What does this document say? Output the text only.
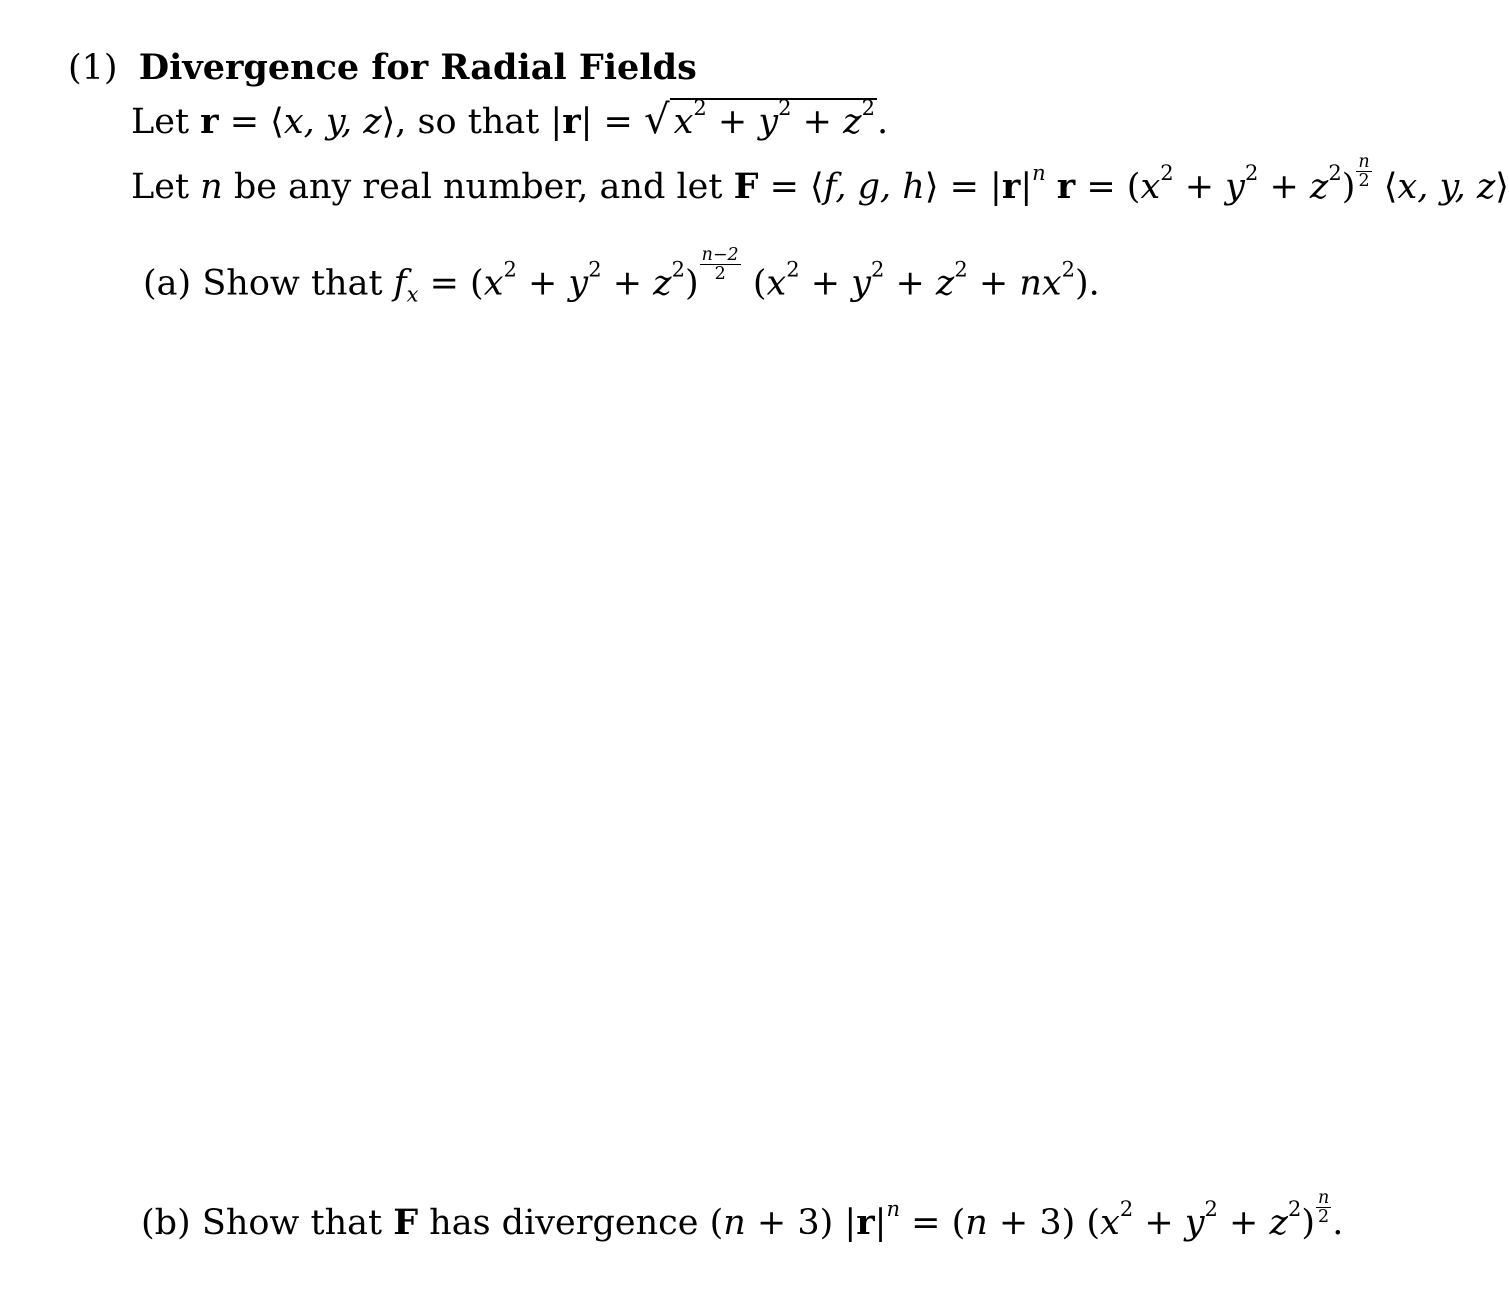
(1) Divergence for Radial Fields
Let r = ⟨x, y, z⟩, so that |r| = √ $x^2 + y^2 + z^2$.
Let n be any real number, and let F = ⟨f, g, h⟩ = $|r|^n$ $r = (x^2 + y^2 + z^2) \frac{n}{2}$ ⟨x, y, z⟩
(a) Show that $f_x = (x^2 + y^2 + z^2) \frac{n-2}{2} (x^2 + y^2 + z^2 + nx^2)$.
(b) Show that F has divergence (n + 3) $|r|^n = (n + 3) (x^2 + y^2 + z^2) \frac{n}{2}$ .
